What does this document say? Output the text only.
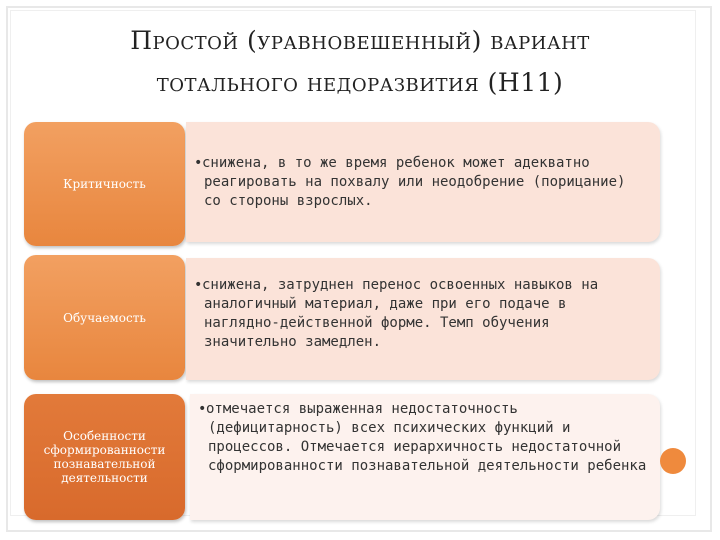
Простой (уравновешенный) вариант
тотального недоразвития (Н11)
Критичность
•снижена, в то же время ребенок может адекватно реагировать на похвалу или неодобрение (порицание) со стороны взрослых.
Обучаемость
•снижена, затруднен перенос освоенных навыков на аналогичный материал, даже при его подаче в наглядно-действенной форме. Темп обучения значительно замедлен.
Особенности сформированности познавательной деятельности
•отмечается выраженная недостаточность (дефицитарность) всех психических функций и процессов. Отмечается иерархичность недостаточной сформированности познавательной деятельности ребенка
